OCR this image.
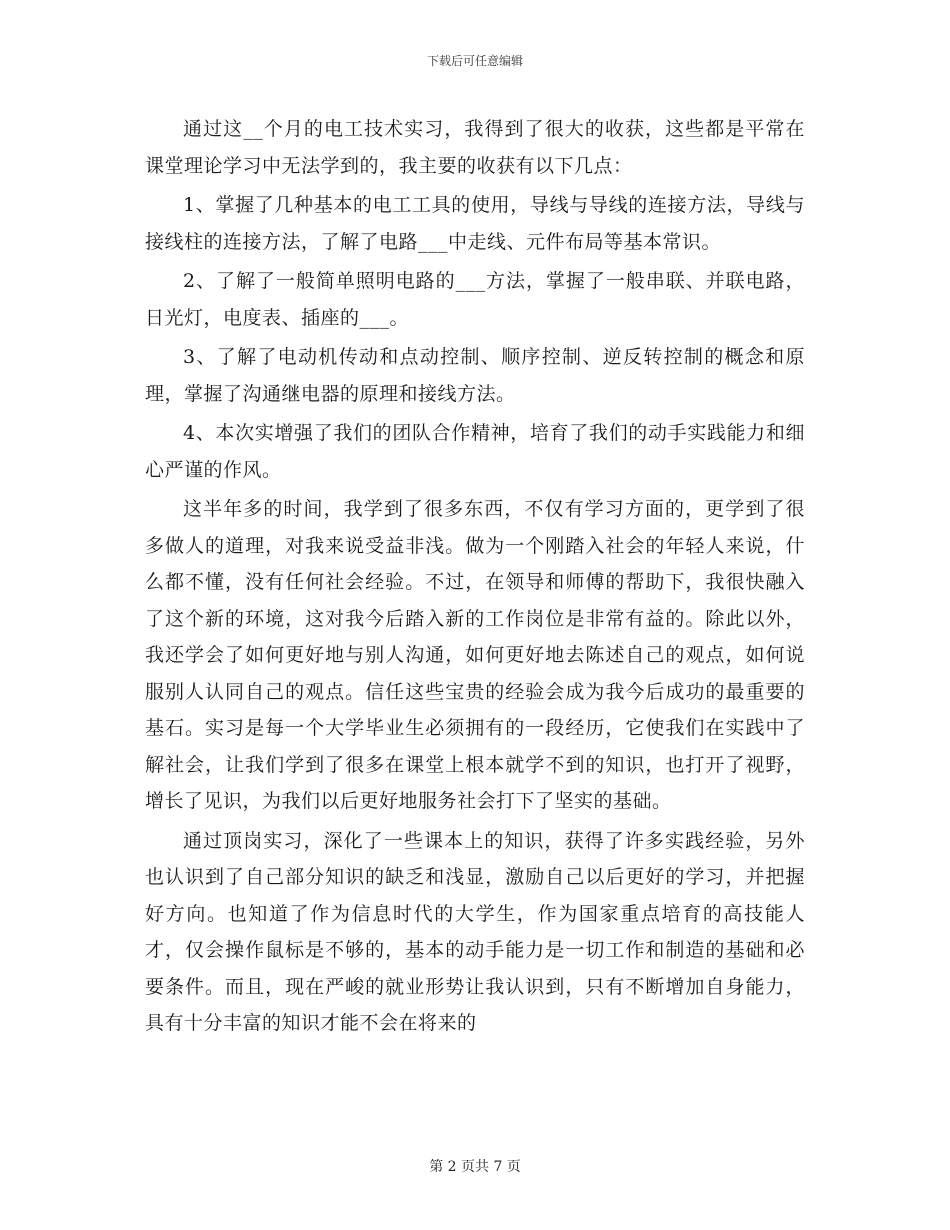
下载后可任意编辑

通过这__个月的电工技术实习，我得到了很大的收获，这些都是平常在课堂理论学习中无法学到的，我主要的收获有以下几点：

1、掌握了几种基本的电工工具的使用，导线与导线的连接方法，导线与接线柱的连接方法，了解了电路___中走线、元件布局等基本常识。

2、了解了一般简单照明电路的___方法，掌握了一般串联、并联电路，日光灯，电度表、插座的___。

3、了解了电动机传动和点动控制、顺序控制、逆反转控制的概念和原理，掌握了沟通继电器的原理和接线方法。

4、本次实增强了我们的团队合作精神，培育了我们的动手实践能力和细心严谨的作风。

这半年多的时间，我学到了很多东西，不仅有学习方面的，更学到了很多做人的道理，对我来说受益非浅。做为一个刚踏入社会的年轻人来说，什么都不懂，没有任何社会经验。不过，在领导和师傅的帮助下，我很快融入了这个新的环境，这对我今后踏入新的工作岗位是非常有益的。除此以外，我还学会了如何更好地与别人沟通，如何更好地去陈述自己的观点，如何说服别人认同自己的观点。信任这些宝贵的经验会成为我今后成功的最重要的基石。实习是每一个大学毕业生必须拥有的一段经历，它使我们在实践中了解社会，让我们学到了很多在课堂上根本就学不到的知识，也打开了视野，增长了见识，为我们以后更好地服务社会打下了坚实的基础。

通过顶岗实习，深化了一些课本上的知识，获得了许多实践经验，另外也认识到了自己部分知识的缺乏和浅显，激励自己以后更好的学习，并把握好方向。也知道了作为信息时代的大学生，作为国家重点培育的高技能人才，仅会操作鼠标是不够的，基本的动手能力是一切工作和制造的基础和必要条件。而且，现在严峻的就业形势让我认识到，只有不断增加自身能力，具有十分丰富的知识才能不会在将来的

第 2 页共 7 页
